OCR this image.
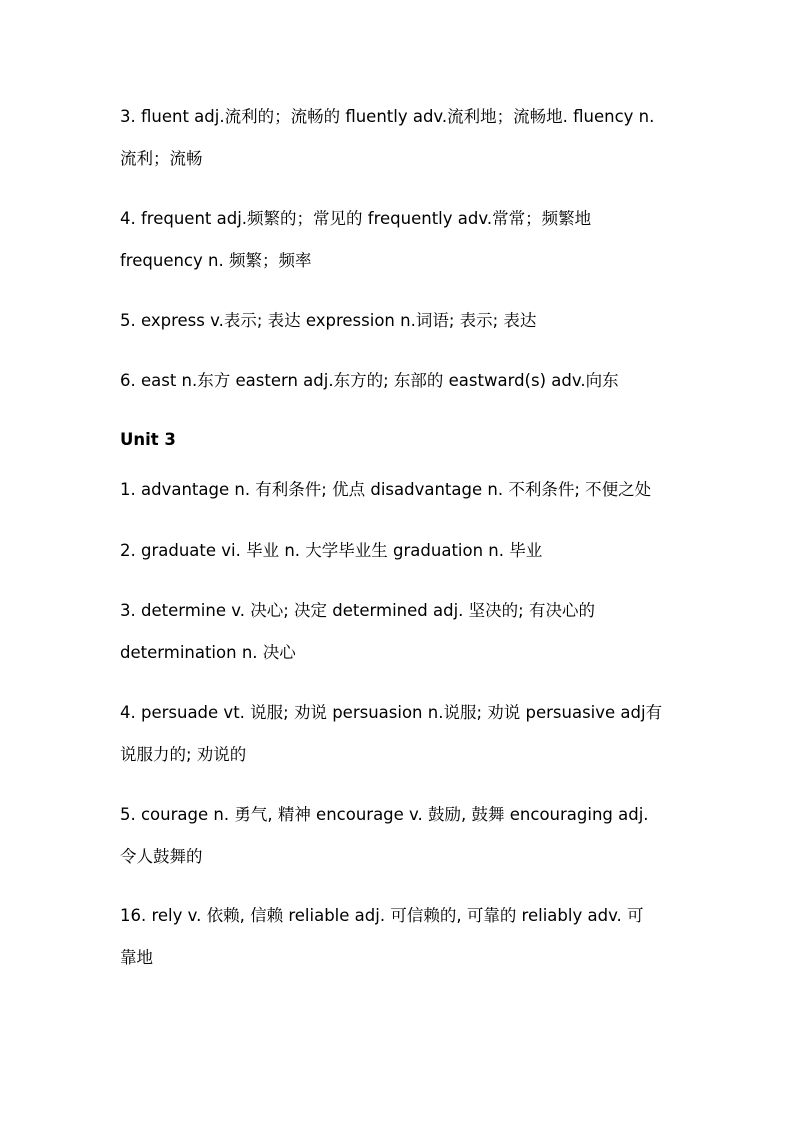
3. fluent adj.流利的；流畅的 fluently adv.流利地；流畅地. fluency n.
流利；流畅
4. frequent adj.频繁的；常见的 frequently adv.常常；频繁地
frequency n. 频繁；频率
5. express v.表示; 表达 expression n.词语; 表示; 表达
6. east n.东方 eastern adj.东方的; 东部的 eastward(s) adv.向东
Unit 3
1. advantage n. 有利条件; 优点 disadvantage n. 不利条件; 不便之处
2. graduate vi. 毕业 n. 大学毕业生 graduation n. 毕业
3. determine v. 决心; 决定 determined adj. 坚决的; 有决心的
determination n. 决心
4. persuade vt. 说服; 劝说 persuasion n.说服; 劝说 persuasive adj有
说服力的; 劝说的
5. courage n. 勇气, 精神 encourage v. 鼓励, 鼓舞 encouraging adj.
令人鼓舞的
16. rely v. 依赖, 信赖 reliable adj. 可信赖的, 可靠的 reliably adv. 可
靠地
